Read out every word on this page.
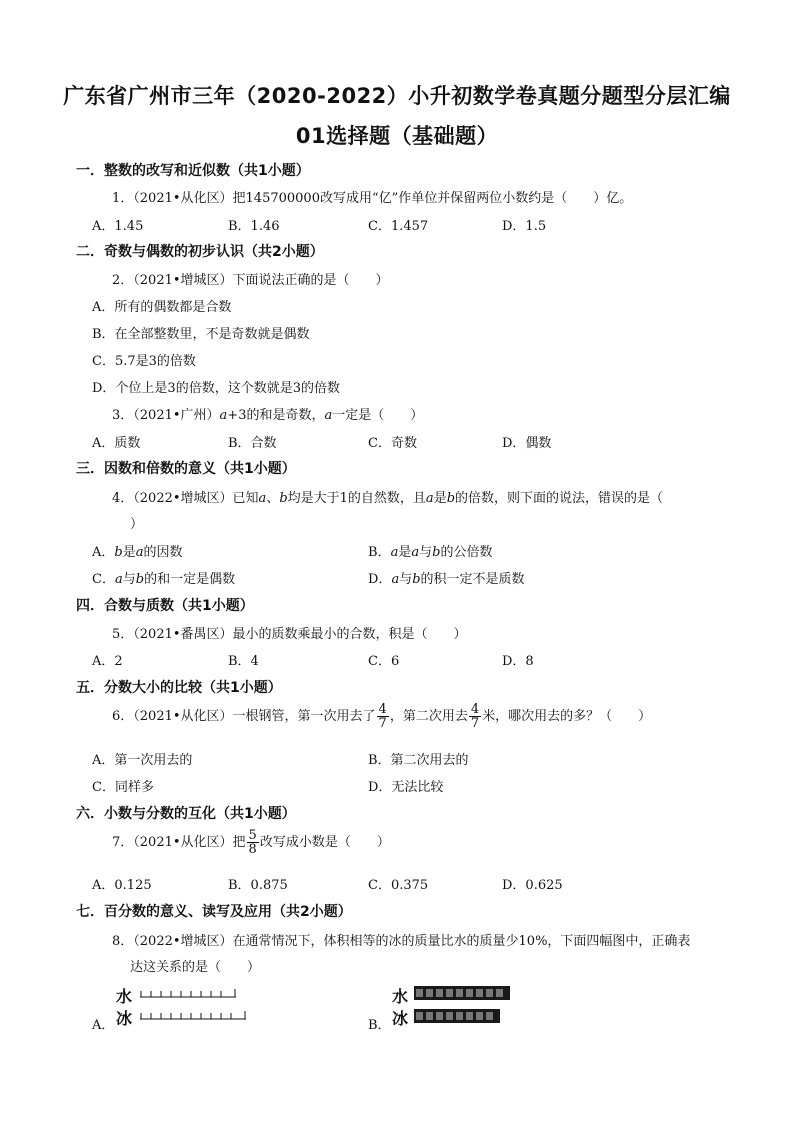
广东省广州市三年（2020-2022）小升初数学卷真题分题型分层汇编
01选择题（基础题）
一．整数的改写和近似数（共1小题）
1．（2021•从化区）把145700000改写成用“亿”作单位并保留两位小数约是（　　）亿。
A．1.45	B．1.46	C．1.457	D．1.5
二．奇数与偶数的初步认识（共2小题）
2．（2021•增城区）下面说法正确的是（　　）
A．所有的偶数都是合数
B．在全部整数里，不是奇数就是偶数
C．5.7是3的倍数
D．个位上是3的倍数，这个数就是3的倍数
3．（2021•广州）a+3的和是奇数，a一定是（　　）
A．质数	B．合数	C．奇数	D．偶数
三．因数和倍数的意义（共1小题）
4．（2022•增城区）已知a、b均是大于1的自然数，且a是b的倍数，则下面的说法，错误的是（
）
A．b是a的因数	B．a是a与b的公倍数
C．a与b的和一定是偶数	D．a与b的积一定不是质数
四．合数与质数（共1小题）
5．（2021•番禺区）最小的质数乘最小的合数，积是（　　）
A．2	B．4	C．6	D．8
五．分数大小的比较（共1小题）
6．（2021•从化区）一根钢管，第一次用去了 $\frac{4}{7}$ ，第二次用去 $\frac{4}{7}$ 米，哪次用去的多？（　　）
A．第一次用去的	B．第二次用去的
C．同样多	D．无法比较
六．小数与分数的互化（共1小题）
7．（2021•从化区）把 $\frac{5}{8}$ 改写成小数是（　　）
A．0.125	B．0.875	C．0.375	D．0.625
七．百分数的意义、读写及应用（共2小题）
8．（2022•增城区）在通常情况下，体积相等的冰的质量比水的质量少10%，下面四幅图中，正确表
达这关系的是（　　）
水
A． 冰
水
B． 冰
